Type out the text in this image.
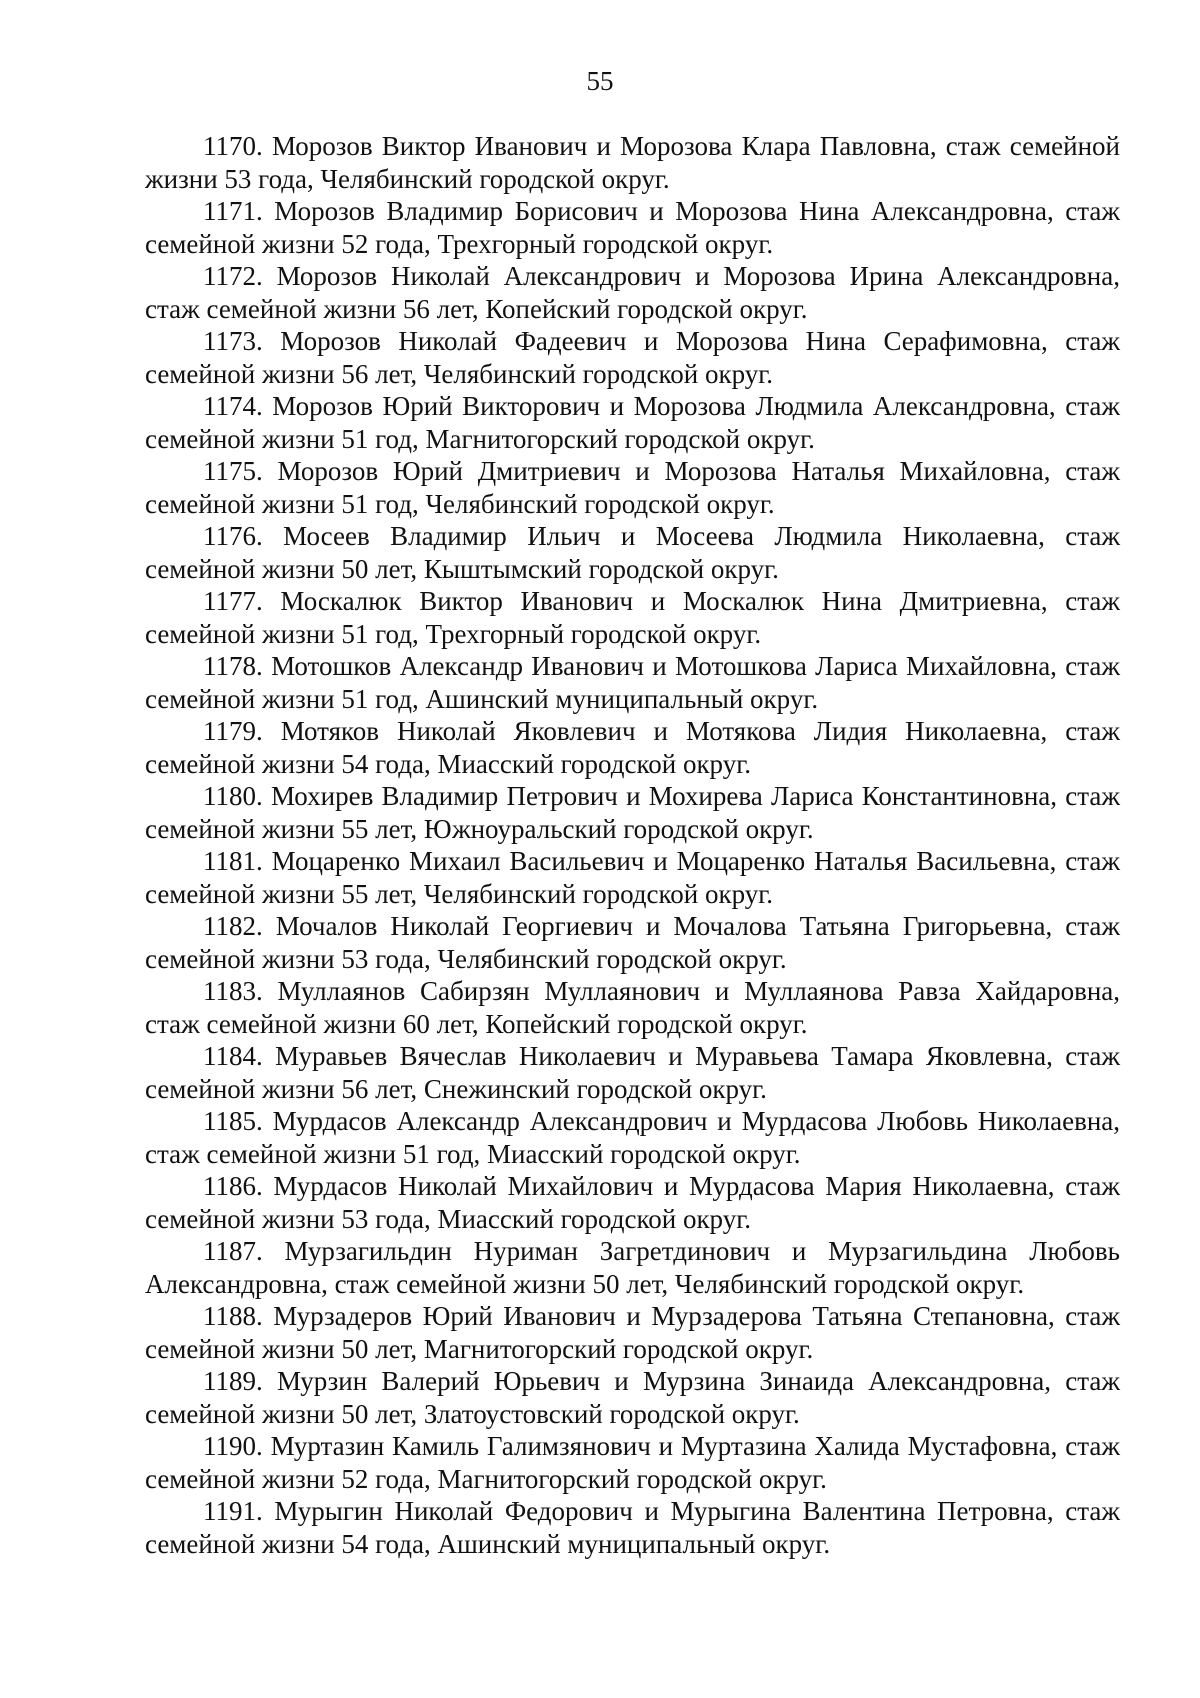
55

1170. Морозов Виктор Иванович и Морозова Клара Павловна, стаж семейной жизни 53 года, Челябинский городской округ.

1171. Морозов Владимир Борисович и Морозова Нина Александровна, стаж семейной жизни 52 года, Трехгорный городской округ.

1172. Морозов Николай Александрович и Морозова Ирина Александровна, стаж семейной жизни 56 лет, Копейский городской округ.

1173. Морозов Николай Фадеевич и Морозова Нина Серафимовна, стаж семейной жизни 56 лет, Челябинский городской округ.

1174. Морозов Юрий Викторович и Морозова Людмила Александровна, стаж семейной жизни 51 год, Магнитогорский городской округ.

1175. Морозов Юрий Дмитриевич и Морозова Наталья Михайловна, стаж семейной жизни 51 год, Челябинский городской округ.

1176. Мосеев Владимир Ильич и Мосеева Людмила Николаевна, стаж семейной жизни 50 лет, Кыштымский городской округ.

1177. Москалюк Виктор Иванович и Москалюк Нина Дмитриевна, стаж семейной жизни 51 год, Трехгорный городской округ.

1178. Мотошков Александр Иванович и Мотошкова Лариса Михайловна, стаж семейной жизни 51 год, Ашинский муниципальный округ.

1179. Мотяков Николай Яковлевич и Мотякова Лидия Николаевна, стаж семейной жизни 54 года, Миасский городской округ.

1180. Мохирев Владимир Петрович и Мохирева Лариса Константиновна, стаж семейной жизни 55 лет, Южноуральский городской округ.

1181. Моцаренко Михаил Васильевич и Моцаренко Наталья Васильевна, стаж семейной жизни 55 лет, Челябинский городской округ.

1182. Мочалов Николай Георгиевич и Мочалова Татьяна Григорьевна, стаж семейной жизни 53 года, Челябинский городской округ.

1183. Муллаянов Сабирзян Муллаянович и Муллаянова Равза Хайдаровна, стаж семейной жизни 60 лет, Копейский городской округ.

1184. Муравьев Вячеслав Николаевич и Муравьева Тамара Яковлевна, стаж семейной жизни 56 лет, Снежинский городской округ.

1185. Мурдасов Александр Александрович и Мурдасова Любовь Николаевна, стаж семейной жизни 51 год, Миасский городской округ.

1186. Мурдасов Николай Михайлович и Мурдасова Мария Николаевна, стаж семейной жизни 53 года, Миасский городской округ.

1187. Мурзагильдин Нуриман Загретдинович и Мурзагильдина Любовь Александровна, стаж семейной жизни 50 лет, Челябинский городской округ.

1188. Мурзадеров Юрий Иванович и Мурзадерова Татьяна Степановна, стаж семейной жизни 50 лет, Магнитогорский городской округ.

1189. Мурзин Валерий Юрьевич и Мурзина Зинаида Александровна, стаж семейной жизни 50 лет, Златоустовский городской округ.

1190. Муртазин Камиль Галимзянович и Муртазина Халида Мустафовна, стаж семейной жизни 52 года, Магнитогорский городской округ.

1191. Мурыгин Николай Федорович и Мурыгина Валентина Петровна, стаж семейной жизни 54 года, Ашинский муниципальный округ.
